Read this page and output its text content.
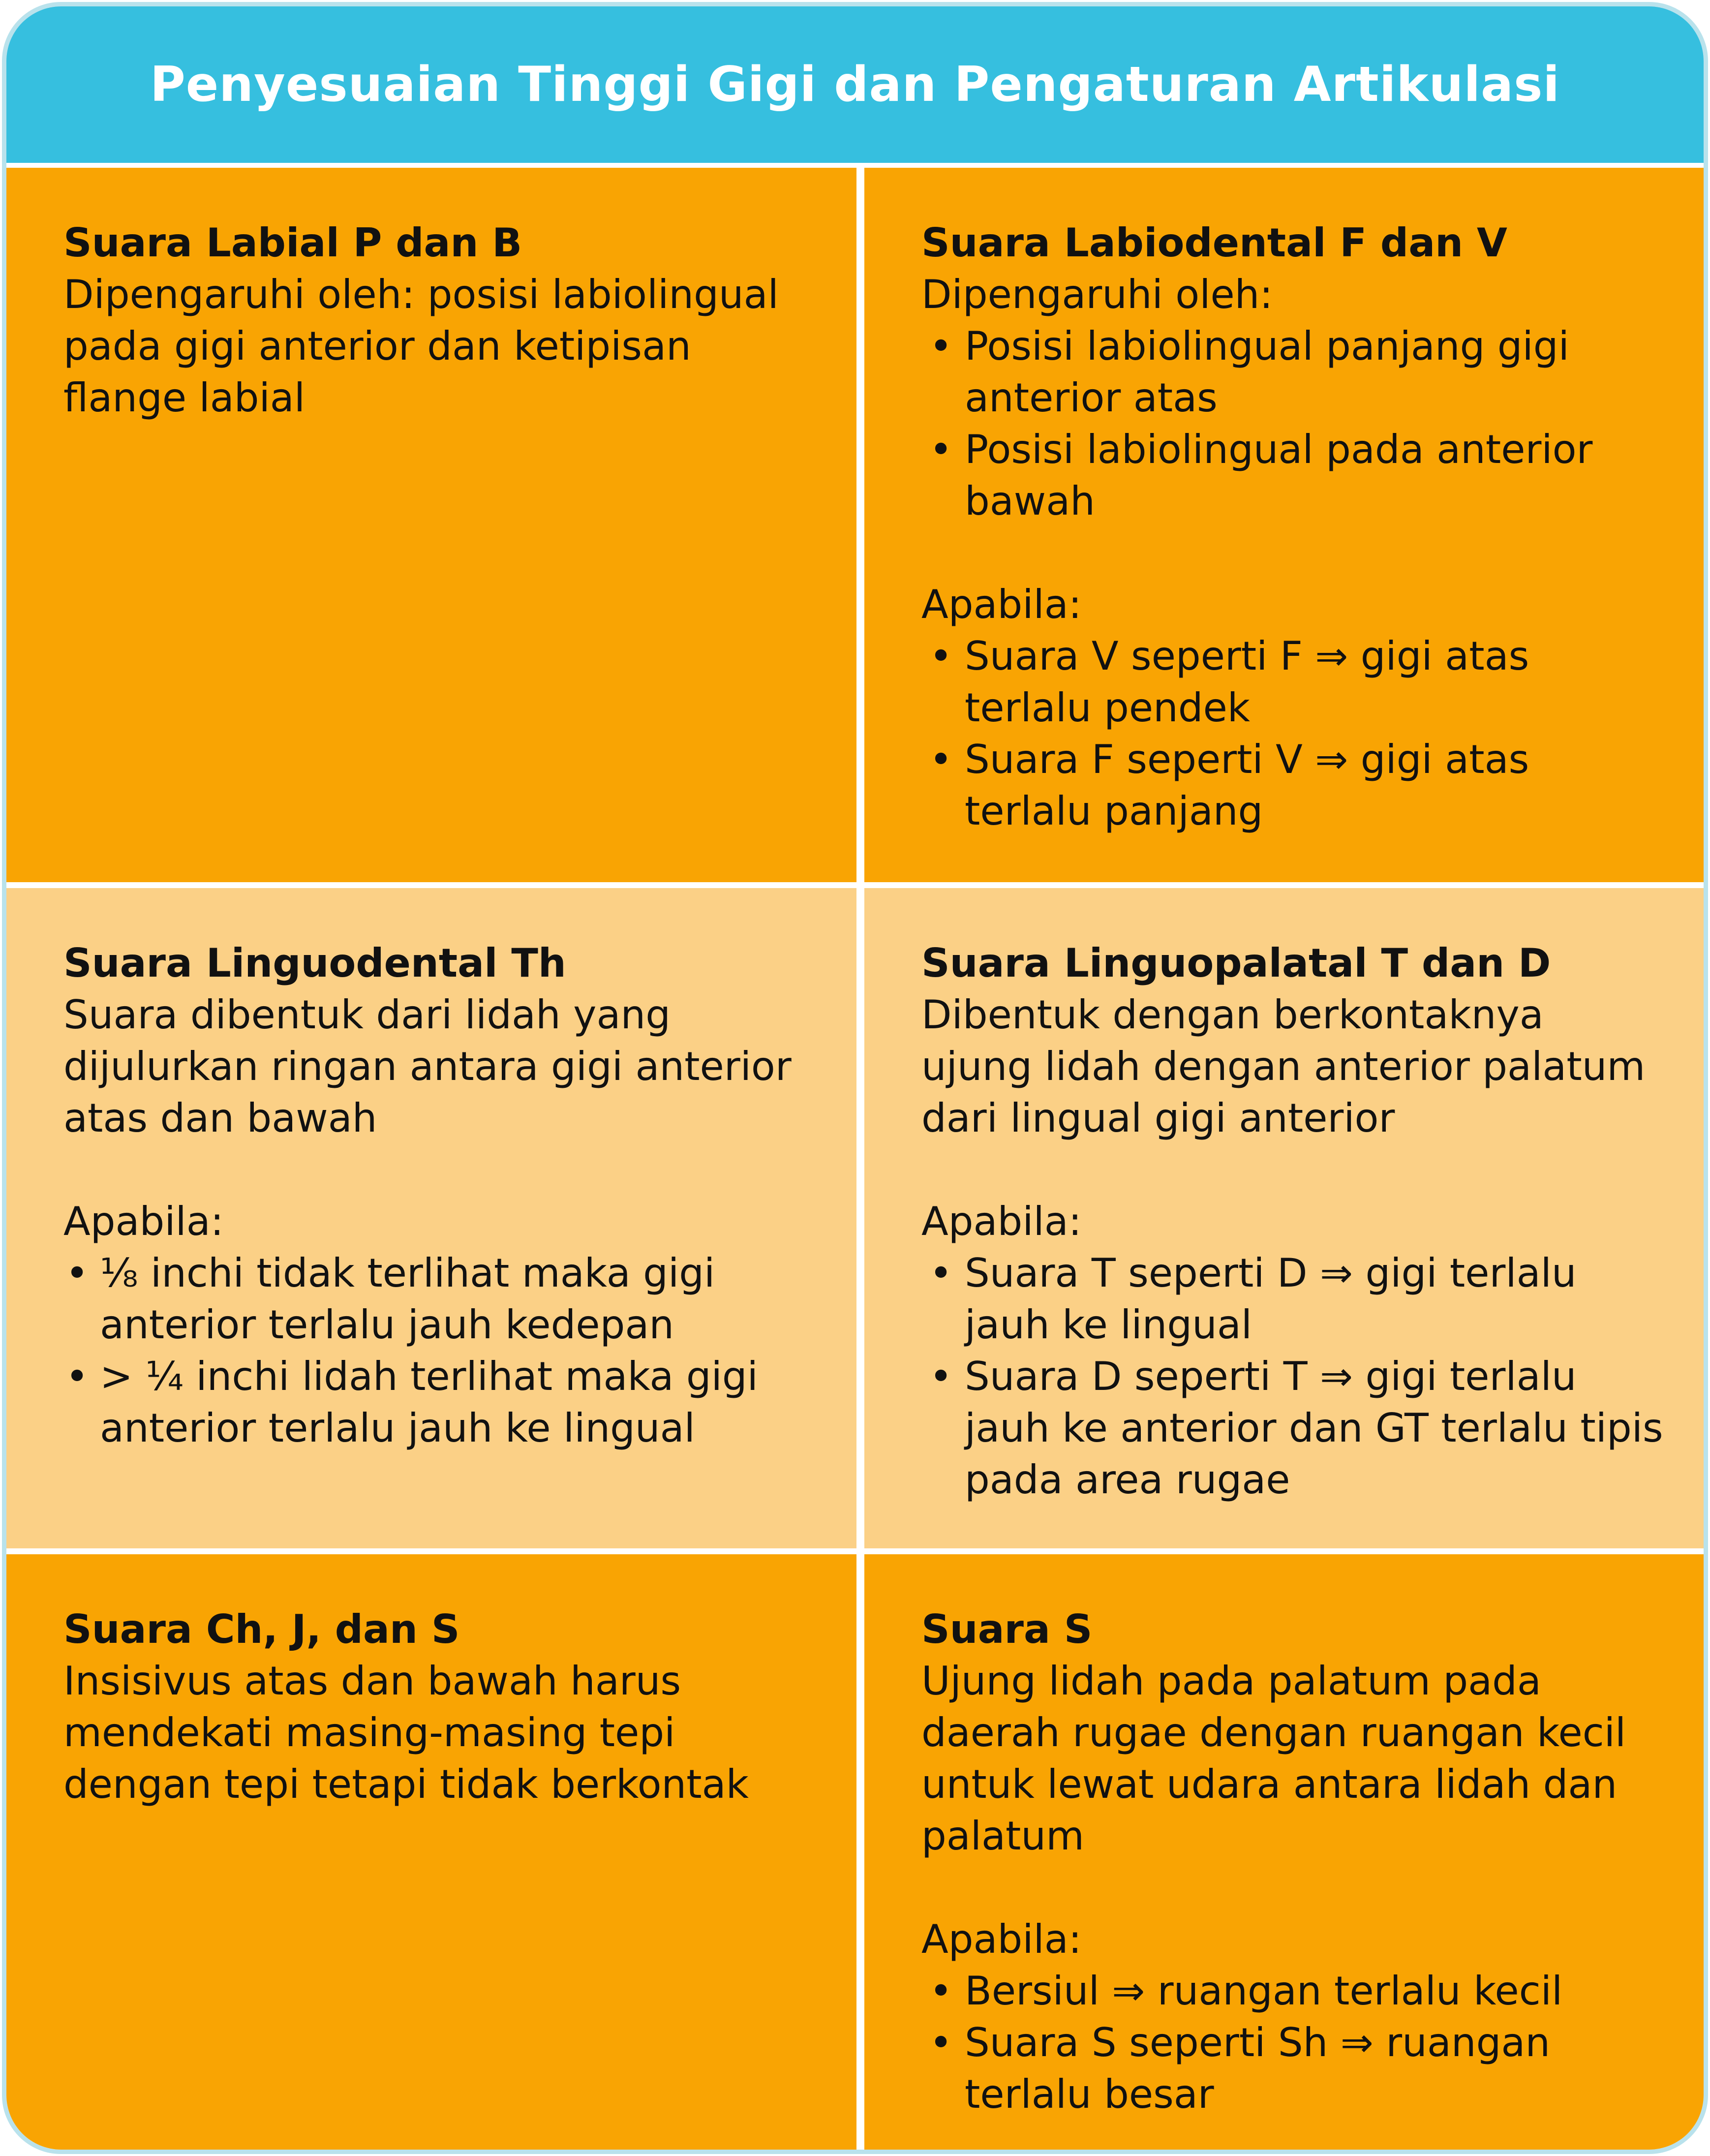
Penyesuaian Tinggi Gigi dan Pengaturan Artikulasi

Suara Labial P dan B

Dipengaruhi oleh: posisi labiolingual pada gigi anterior dan ketipisan flange labial

Suara Labiodental F dan V

Dipengaruhi oleh:

• Posisi labiolingual panjang gigi anterior atas
• Posisi labiolingual pada anterior bawah

Apabila:

• Suara V seperti F ⇒ gigi atas terlalu pendek
• Suara F seperti V ⇒ gigi atas terlalu panjang

Suara Linguodental Th

Suara dibentuk dari lidah yang dijulurkan ringan antara gigi anterior atas dan bawah

Apabila:

• ⅛ inchi tidak terlihat maka gigi anterior terlalu jauh kedepan
• > ¼ inchi lidah terlihat maka gigi anterior terlalu jauh ke lingual

Suara Linguopalatal T dan D

Dibentuk dengan berkontaknya ujung lidah dengan anterior palatum dari lingual gigi anterior

Apabila:

• Suara T seperti D ⇒ gigi terlalu jauh ke lingual
• Suara D seperti T ⇒ gigi terlalu jauh ke anterior dan GT terlalu tipis pada area rugae

Suara Ch, J, dan S

Insisivus atas dan bawah harus mendekati masing-masing tepi dengan tepi tetapi tidak berkontak

Suara S

Ujung lidah pada palatum pada daerah rugae dengan ruangan kecil untuk lewat udara antara lidah dan palatum

Apabila:

• Bersiul ⇒ ruangan terlalu kecil
• Suara S seperti Sh ⇒ ruangan terlalu besar
